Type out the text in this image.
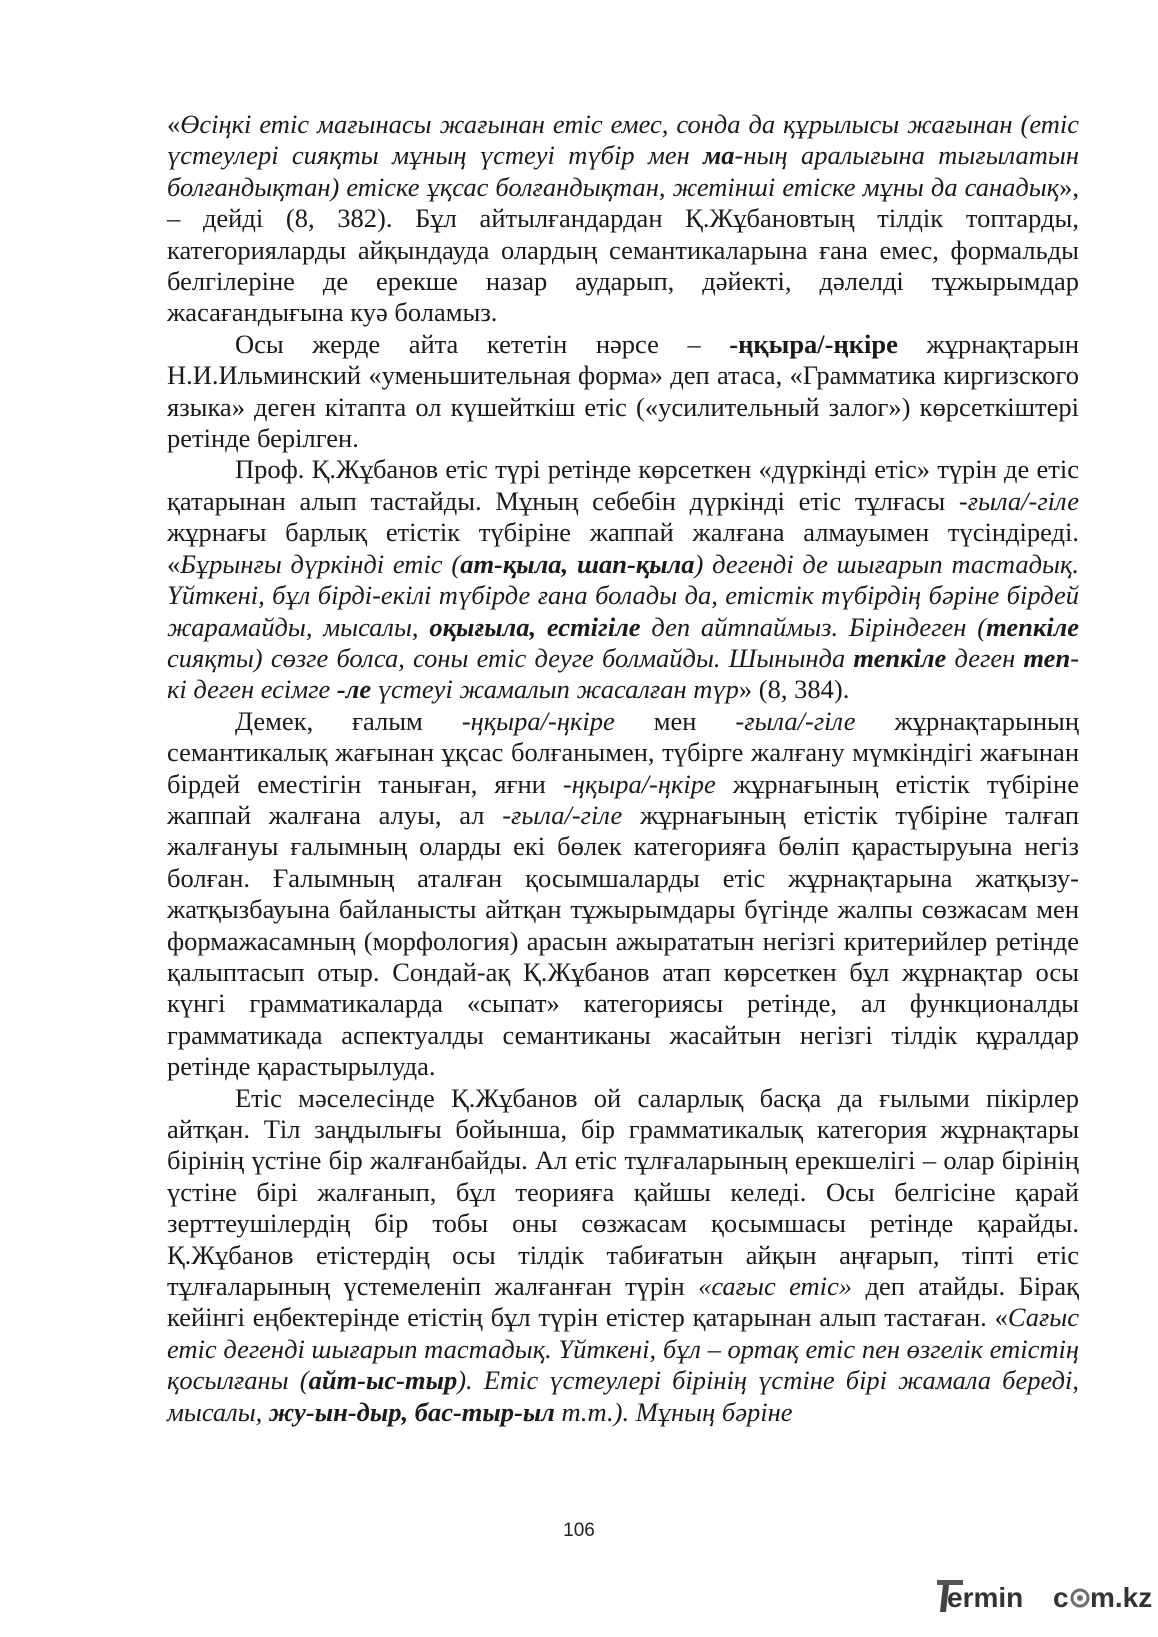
«Өсіңкі етіс мағынасы жағынан етіс емес, сонда да құрылысы жағынан (етіс үстеулері сияқты мұның үстеуі түбір мен ма-ның аралығына тығылатын болғандықтан) етіске ұқсас болғандықтан, жетінші етіске мұны да санадық», – дейді (8, 382). Бұл айтылғандардан Қ.Жұбановтың тілдік топтарды, категорияларды айқындауда олардың семантикаларына ғана емес, формальды белгілеріне де ерекше назар аударып, дәйекті, дәлелді тұжырымдар жасағандығына куә боламыз.

Осы жерде айта кететін нәрсе – -ңқыра/-ңкіре жұрнақтарын Н.И.Ильминский «уменьшительная форма» деп атаса, «Грамматика киргизского языка» деген кітапта ол күшейткіш етіс («усилительный залог») көрсеткіштері ретінде берілген.

Проф. Қ.Жұбанов етіс түрі ретінде көрсеткен «дүркінді етіс» түрін де етіс қатарынан алып тастайды. Мұның себебін дүркінді етіс тұлғасы -ғыла/-гіле жұрнағы барлық етістік түбіріне жаппай жалғана алмауымен түсіндіреді. «Бұрынғы дүркінді етіс (ат-қыла, шап-қыла) дегенді де шығарып тастадық. Үйткені, бұл бірді-екілі түбірде ғана болады да, етістік түбірдің бәріне бірдей жарамайды, мысалы, оқығыла, естігіле деп айтпаймыз. Біріндеген (тепкіле сияқты) сөзге болса, соны етіс деуге болмайды. Шынында тепкіле деген теп-кі деген есімге -ле үстеуі жамалып жасалған түр» (8, 384).

Демек, ғалым -ңқыра/-ңкіре мен -ғыла/-гіле жұрнақтарының семантикалық жағынан ұқсас болғанымен, түбірге жалғану мүмкіндігі жағынан бірдей еместігін таныған, яғни -ңқыра/-ңкіре жұрнағының етістік түбіріне жаппай жалғана алуы, ал -ғыла/-гіле жұрнағының етістік түбіріне талғап жалғануы ғалымның оларды екі бөлек категорияға бөліп қарастыруына негіз болған. Ғалымның аталған қосымшаларды етіс жұрнақтарына жатқызу-жатқызбауына байланысты айтқан тұжырымдары бүгінде жалпы сөзжасам мен формажасамның (морфология) арасын ажырататын негізгі критерийлер ретінде қалыптасып отыр. Сондай-ақ Қ.Жұбанов атап көрсеткен бұл жұрнақтар осы күнгі грамматикаларда «сыпат» категориясы ретінде, ал функционалды грамматикада аспектуалды семантиканы жасайтын негізгі тілдік құралдар ретінде қарастырылуда.

Етіс мәселесінде Қ.Жұбанов ой саларлық басқа да ғылыми пікірлер айтқан. Тіл заңдылығы бойынша, бір грамматикалық категория жұрнақтары бірінің үстіне бір жалғанбайды. Ал етіс тұлғаларының ерекшелігі – олар бірінің үстіне бірі жалғанып, бұл теорияға қайшы келеді. Осы белгісіне қарай зерттеушілердің бір тобы оны сөзжасам қосымшасы ретінде қарайды. Қ.Жұбанов етістердің осы тілдік табиғатын айқын аңғарып, тіпті етіс тұлғаларының үстемеленіп жалғанған түрін «сағыс етіс» деп атайды. Бірақ кейінгі еңбектерінде етістің бұл түрін етістер қатарынан алып тастаған. «Сағыс етіс дегенді шығарып тастадық. Үйткені, бұл – ортақ етіс пен өзгелік етістің қосылғаны (айт-ыс-тыр). Етіс үстеулері бірінің үстіне бірі жамала береді, мысалы, жу-ын-дыр, бас-тыр-ыл т.т.). Мұның бәріне

106
ermin c m.kz
